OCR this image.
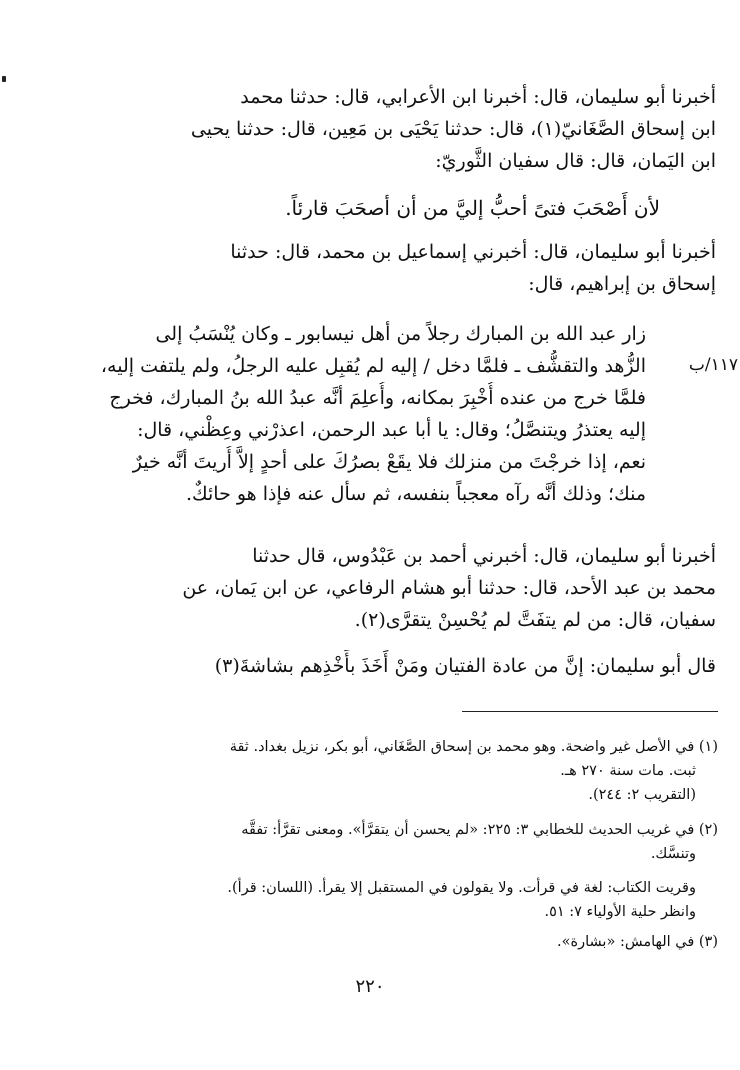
أخبرنا أبو سليمان، قال: أخبرنا ابن الأعرابي، قال: حدثنا محمد
ابن إسحاق الصَّغَانيّ(١)، قال: حدثنا يَحْيَى بن مَعِين، قال: حدثنا يحيى
ابن اليَمان، قال: قال سفيان الثَّوريّ:
لأن أَصْحَبَ فتىً أحبُّ إليَّ من أن أصحَبَ قارئاً.
أخبرنا أبو سليمان، قال: أخبرني إسماعيل بن محمد، قال: حدثنا
إسحاق بن إبراهيم، قال:
١١٧/ب
زار عبد الله بن المبارك رجلاً من أهل نيسابور ـ وكان يُنْسَبُ إلى
الزُّهد والتقشُّف ـ فلمَّا دخل / إليه لم يُقبِل عليه الرجلُ، ولم يلتفت إليه،
فلمَّا خرج من عنده أُخْبِرَ بمكانه، وأُعلِمَ أنَّه عبدُ الله بنُ المبارك، فخرج
إليه يعتذرُ ويتنصَّلُ؛ وقال: يا أبا عبد الرحمن، اعذرْني وعِظْني، قال:
نعم، إذا خرجْتَ من منزلك فلا يقَعْ بصرُكَ على أحدٍ إلاَّ أُريتَ أنَّه خيرٌ
منك؛ وذلك أنَّه رآه معجباً بنفسه، ثم سأل عنه فإذا هو حائكٌ.
أخبرنا أبو سليمان، قال: أخبرني أحمد بن عَبْدُوس، قال حدثنا
محمد بن عبد الأحد، قال: حدثنا أبو هشام الرفاعي، عن ابن يَمان، عن
سفيان، قال: من لم يتفَتَّ لم يُحْسِنْ يتقرَّى(٢).
قال أبو سليمان: إنَّ من عادة الفتيان ومَنْ أَخَذَ بأَخْذِهم بشاشةَ(٣)
(١) في الأصل غير واضحة. وهو محمد بن إسحاق الصَّغَاني، أبو بكر، نزيل بغداد. ثقة
ثبت. مات سنة ٢٧٠ هـ.
(التقريب ٢: ٢٤٤).
(٢) في غريب الحديث للخطابي ٣: ٢٢٥: «لم يحسن أن يتقرَّأ». ومعنى تقرَّأ: تفقَّه
وتنسَّك.
وقريت الكتاب: لغة في قرأت. ولا يقولون في المستقبل إلا يقرأ. (اللسان: قرأ).
وانظر حلية الأولياء ٧: ٥١.
(٣) في الهامش: «بشارة».
٢٢٠
